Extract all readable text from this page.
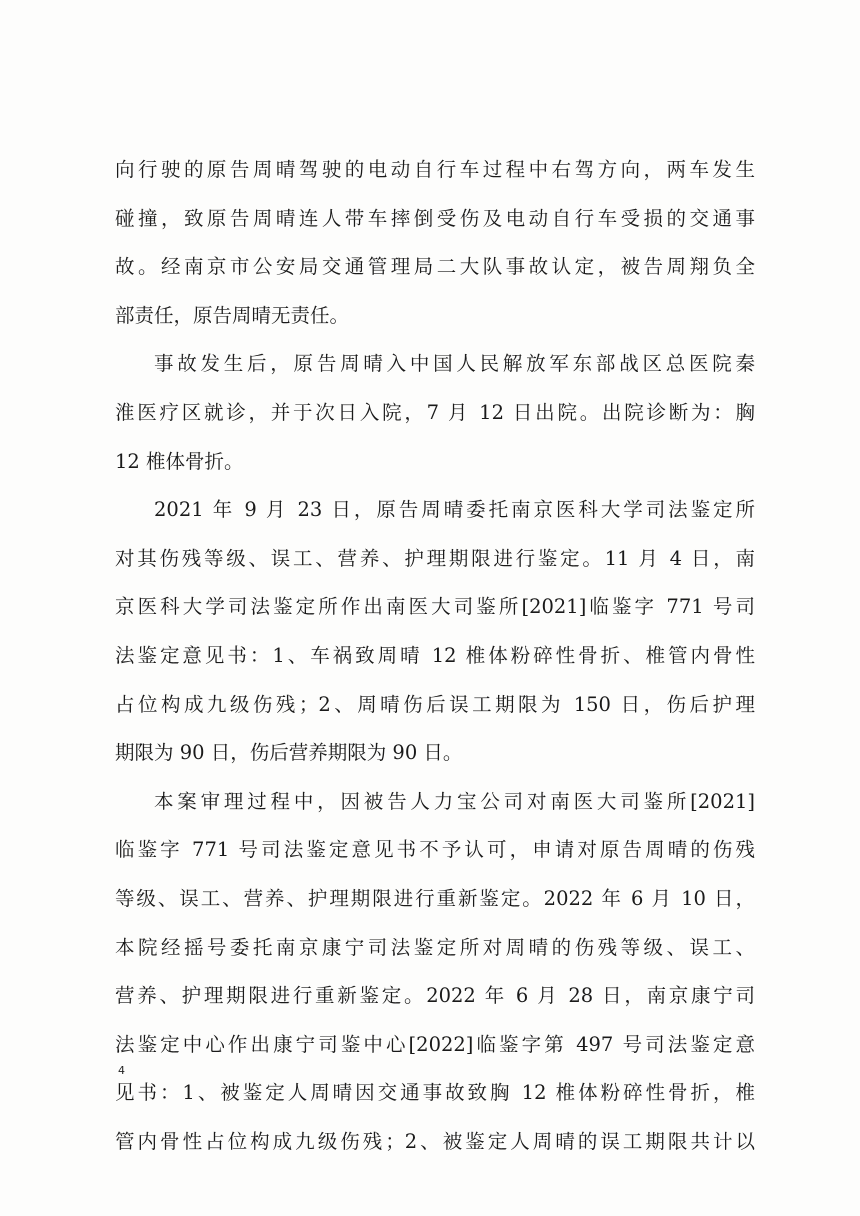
向行驶的原告周晴驾驶的电动自行车过程中右驾方向，两车发生
碰撞，致原告周晴连人带车摔倒受伤及电动自行车受损的交通事
故。经南京市公安局交通管理局二大队事故认定，被告周翔负全
部责任，原告周晴无责任。

事故发生后，原告周晴入中国人民解放军东部战区总医院秦
淮医疗区就诊，并于次日入院，7 月 12 日出院。出院诊断为：胸
12 椎体骨折。

2021 年 9 月 23 日，原告周晴委托南京医科大学司法鉴定所
对其伤残等级、误工、营养、护理期限进行鉴定。11 月 4 日，南
京医科大学司法鉴定所作出南医大司鉴所[2021]临鉴字 771 号司
法鉴定意见书：1、车祸致周晴 12 椎体粉碎性骨折、椎管内骨性
占位构成九级伤残；2、周晴伤后误工期限为 150 日，伤后护理
期限为 90 日，伤后营养期限为 90 日。

本案审理过程中，因被告人力宝公司对南医大司鉴所[2021]
临鉴字 771 号司法鉴定意见书不予认可，申请对原告周晴的伤残
等级、误工、营养、护理期限进行重新鉴定。2022 年 6 月 10 日，
本院经摇号委托南京康宁司法鉴定所对周晴的伤残等级、误工、
营养、护理期限进行重新鉴定。2022 年 6 月 28 日，南京康宁司
法鉴定中心作出康宁司鉴中心[2022]临鉴字第 497 号司法鉴定意
见书：1、被鉴定人周晴因交通事故致胸 12 椎体粉碎性骨折，椎
管内骨性占位构成九级伤残；2、被鉴定人周晴的误工期限共计以

4
